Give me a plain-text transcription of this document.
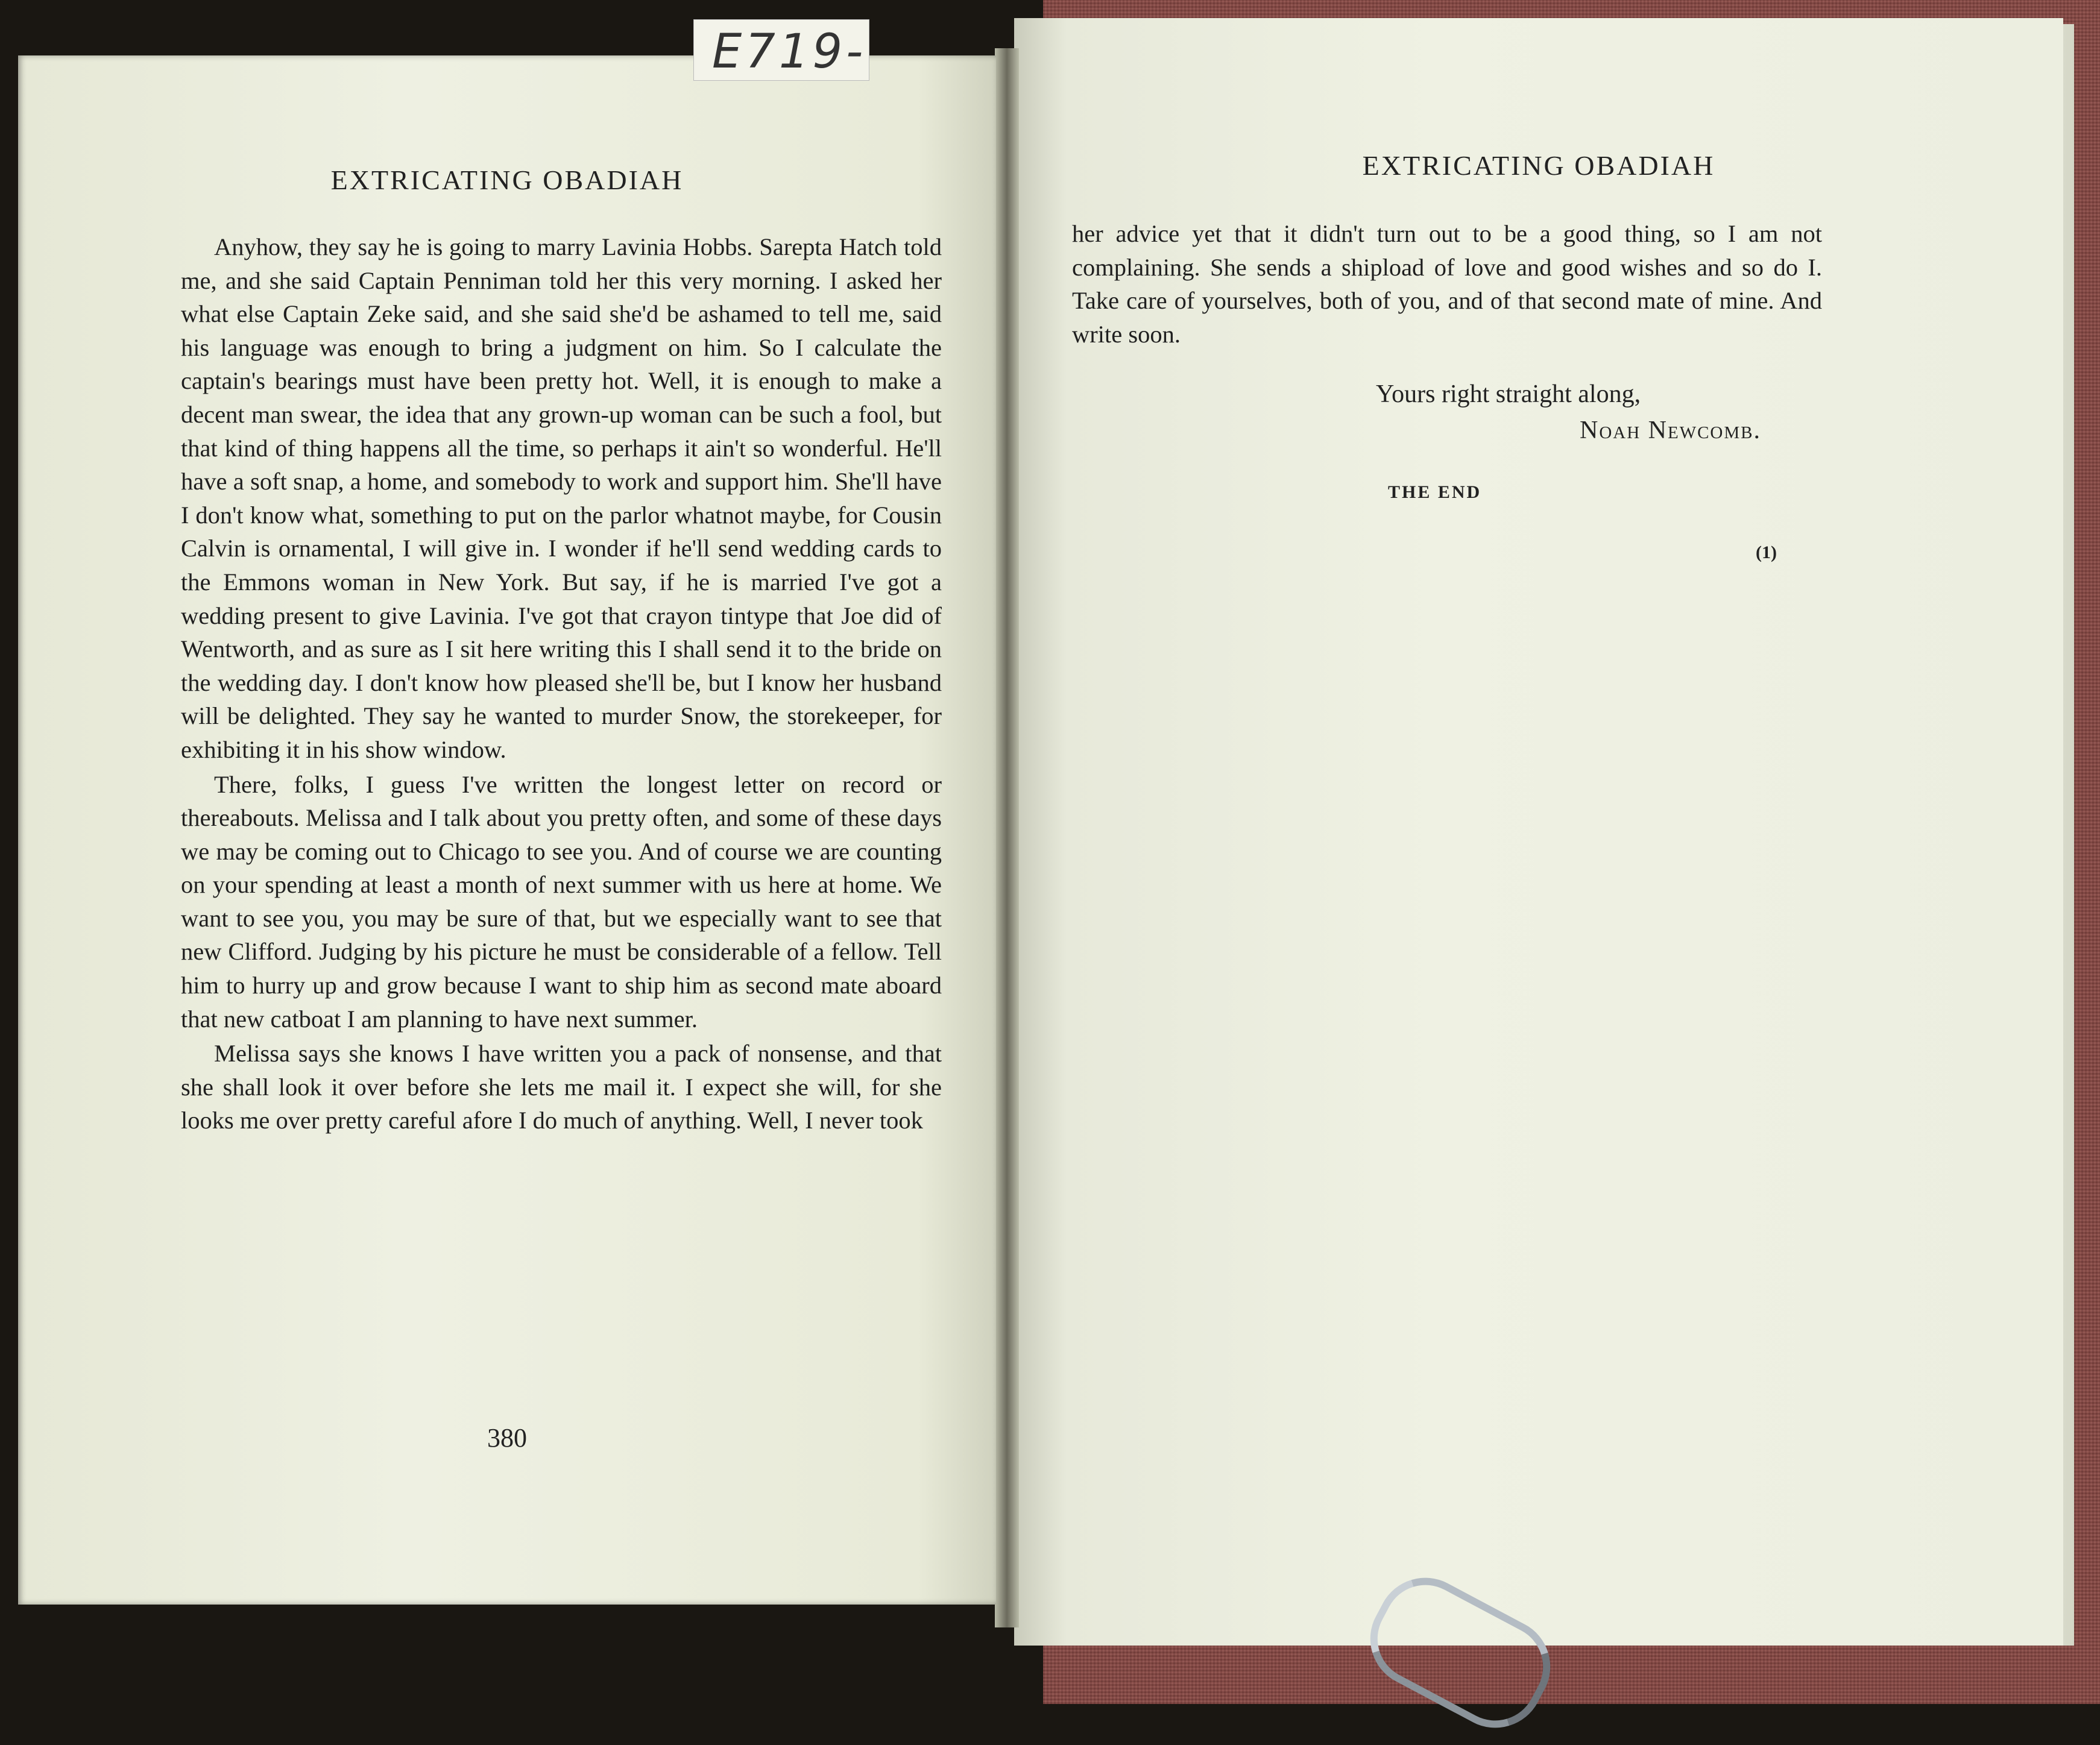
EXTRICATING OBADIAH

her advice yet that it didn't turn out to be a good thing, so I am not complaining. She sends a shipload of love and good wishes and so do I. Take care of yourselves, both of you, and of that second mate of mine. And write soon.

Yours right straight along,
Noah Newcomb.
THE END
(1)
EXTRICATING OBADIAH

Anyhow, they say he is going to marry Lavinia Hobbs. Sarepta Hatch told me, and she said Captain Penniman told her this very morning. I asked her what else Captain Zeke said, and she said she'd be ashamed to tell me, said his language was enough to bring a judgment on him. So I calculate the captain's bearings must have been pretty hot. Well, it is enough to make a decent man swear, the idea that any grown-up woman can be such a fool, but that kind of thing happens all the time, so perhaps it ain't so wonderful. He'll have a soft snap, a home, and somebody to work and support him. She'll have I don't know what, something to put on the parlor whatnot maybe, for Cousin Calvin is ornamental, I will give in. I wonder if he'll send wedding cards to the Emmons woman in New York. But say, if he is married I've got a wedding present to give Lavinia. I've got that crayon tintype that Joe did of Wentworth, and as sure as I sit here writing this I shall send it to the bride on the wedding day. I don't know how pleased she'll be, but I know her husband will be delighted. They say he wanted to murder Snow, the storekeeper, for exhibiting it in his show window.

There, folks, I guess I've written the longest letter on record or thereabouts. Melissa and I talk about you pretty often, and some of these days we may be coming out to Chicago to see you. And of course we are counting on your spending at least a month of next summer with us here at home. We want to see you, you may be sure of that, but we especially want to see that new Clifford. Judging by his picture he must be considerable of a fellow. Tell him to hurry up and grow because I want to ship him as second mate aboard that new catboat I am planning to have next summer.

Melissa says she knows I have written you a pack of nonsense, and that she shall look it over before she lets me mail it. I expect she will, for she looks me over pretty careful afore I do much of anything. Well, I never took

380
E719-
